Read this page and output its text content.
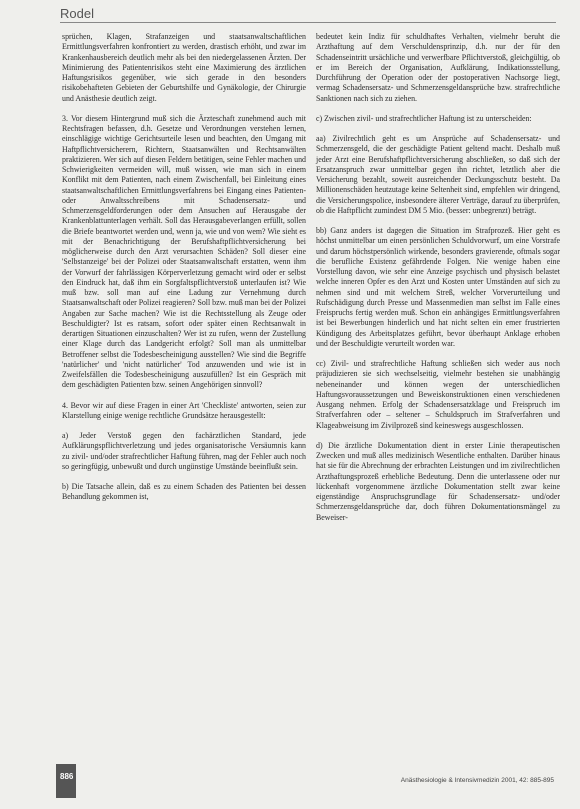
Rodel

sprüchen, Klagen, Strafanzeigen und staatsanwaltschaftlichen Ermittlungsverfahren konfrontiert zu werden, drastisch erhöht, und zwar im Krankenhausbereich deutlich mehr als bei den niedergelassenen Ärzten. Der Minimierung des Patientenrisikos steht eine Maximierung des ärztlichen Haftungsrisikos gegenüber, wie sich gerade in den besonders risikobehafteten Gebieten der Geburtshilfe und Gynäkologie, der Chirurgie und Anästhesie deutlich zeigt.

3. Vor diesem Hintergrund muß sich die Ärzteschaft zunehmend auch mit Rechtsfragen befassen, d.h. Gesetze und Verordnungen verstehen lernen, einschlägige wichtige Gerichtsurteile lesen und beachten, den Umgang mit Haftpflichtversicherern, Richtern, Staatsanwälten und Rechtsanwälten praktizieren. Wer sich auf diesen Feldern betätigen, seine Fehler machen und Schwierigkeiten vermeiden will, muß wissen, wie man sich in einem Konflikt mit dem Patienten, nach einem Zwischenfall, bei Einleitung eines staatsanwaltschaftlichen Ermittlungsverfahrens bei Eingang eines Patienten- oder Anwaltsschreibens mit Schadensersatz- und Schmerzensgeldforderungen oder dem Ansuchen auf Herausgabe der Krankenblattunterlagen verhält. Soll das Herausgabeverlangen erfüllt, sollen die Briefe beantwortet werden und, wenn ja, wie und von wem? Wie sieht es mit der Benachrichtigung der Berufshaftpflichtversicherung bei möglicherweise durch den Arzt verursachten Schäden? Soll dieser eine 'Selbstanzeige' bei der Polizei oder Staatsanwaltschaft erstatten, wenn ihm der Vorwurf der fahrlässigen Körperverletzung gemacht wird oder er selbst den Eindruck hat, daß ihm ein Sorgfaltspflichtverstoß unterlaufen ist? Wie muß bzw. soll man auf eine Ladung zur Vernehmung durch Staatsanwaltschaft oder Polizei reagieren? Soll bzw. muß man bei der Polizei Angaben zur Sache machen? Wie ist die Rechtsstellung als Zeuge oder Beschuldigter? Ist es ratsam, sofort oder später einen Rechtsanwalt in derartigen Situationen einzuschalten? Wer ist zu rufen, wenn der Zustellung einer Klage durch das Landgericht erfolgt? Soll man als unmittelbar Betroffener selbst die Todesbescheinigung ausstellen? Wie sind die Begriffe 'natürlicher' und 'nicht natürlicher' Tod anzuwenden und wie ist in Zweifelsfällen die Todesbescheinigung auszufüllen? Ist ein Gespräch mit dem geschädigten Patienten bzw. seinen Angehörigen sinnvoll?

4. Bevor wir auf diese Fragen in einer Art 'Checkliste' antworten, seien zur Klarstellung einige wenige rechtliche Grundsätze herausgestellt:

a) Jeder Verstoß gegen den fachärztlichen Standard, jede Aufklärungspflichtverletzung und jedes organisatorische Versäumnis kann zu zivil- und/oder strafrechtlicher Haftung führen, mag der Fehler auch noch so geringfügig, unbewußt und durch ungünstige Umstände beeinflußt sein.

b) Die Tatsache allein, daß es zu einem Schaden des Patienten bei dessen Behandlung gekommen ist,

bedeutet kein Indiz für schuldhaftes Verhalten, vielmehr beruht die Arzthaftung auf dem Verschuldensprinzip, d.h. nur der für den Schadenseintritt ursächliche und verwerfbare Pflichtverstoß, gleichgültig, ob er im Bereich der Organisation, Aufklärung, Indikationsstellung, Durchführung der Operation oder der postoperativen Nachsorge liegt, vermag Schadensersatz- und Schmerzensgeldansprüche bzw. strafrechtliche Sanktionen nach sich zu ziehen.

c) Zwischen zivil- und strafrechtlicher Haftung ist zu unterscheiden:

aa) Zivilrechtlich geht es um Ansprüche auf Schadensersatz- und Schmerzensgeld, die der geschädigte Patient geltend macht. Deshalb muß jeder Arzt eine Berufshaftpflichtversicherung abschließen, so daß sich der Ersatzanspruch zwar unmittelbar gegen ihn richtet, letztlich aber die Versicherung bezahlt, soweit ausreichender Deckungsschutz besteht. Da Millionenschäden heutzutage keine Seltenheit sind, empfehlen wir dringend, die Versicherungspolice, insbesondere älterer Verträge, darauf zu überprüfen, ob die Haftpflicht zumindest DM 5 Mio. (besser: unbegrenzt) beträgt.

bb) Ganz anders ist dagegen die Situation im Strafprozeß. Hier geht es höchst unmittelbar um einen persönlichen Schuldvorwurf, um eine Vorstrafe und darum höchstpersönlich wirkende, besonders gravierende, oftmals sogar die berufliche Existenz gefährdende Folgen. Nie wenige haben eine Vorstellung davon, wie sehr eine Anzeige psychisch und physisch belastet welche inneren Opfer es den Arzt und Kosten unter Umständen auf sich zu nehmen sind und mit welchem Streß, welcher Vorverurteilung und Rufschädigung durch Presse und Massenmedien man selbst im Falle eines Freispruchs fertig werden muß. Schon ein anhängiges Ermittlungsverfahren ist bei Bewerbungen hinderlich und hat nicht selten ein emer frustrierten Kündigung des Arbeitsplatzes geführt, bevor überhaupt Anklage erhoben und der Beschuldigte verurteilt worden war.

cc) Zivil- und strafrechtliche Haftung schließen sich weder aus noch präjudizieren sie sich wechselseitig, vielmehr bestehen sie unabhängig nebeneinander und können wegen der unterschiedlichen Haftungsvoraussetzungen und Beweiskonstruktionen einen verschiedenen Ausgang nehmen. Erfolg der Schadensersatzklage und Freispruch im Strafverfahren oder – seltener – Schuldspruch im Strafverfahren und Klageabweisung im Zivilprozeß sind keineswegs ausgeschlossen.

d) Die ärztliche Dokumentation dient in erster Linie therapeutischen Zwecken und muß alles medizinisch Wesentliche enthalten. Darüber hinaus hat sie für die Abrechnung der erbrachten Leistungen und im zivilrechtlichen Arzthaftungsprozeß erhebliche Bedeutung. Denn die unterlassene oder nur lückenhaft vorgenommene ärztliche Dokumentation stellt zwar keine eigenständige Anspruchsgrundlage für Schadensersatz- und/oder Schmerzensgeldansprüche dar, doch führen Dokumentationsmängel zu Beweiser-

886	Anästhesiologie & Intensivmedizin 2001, 42: 885-895
